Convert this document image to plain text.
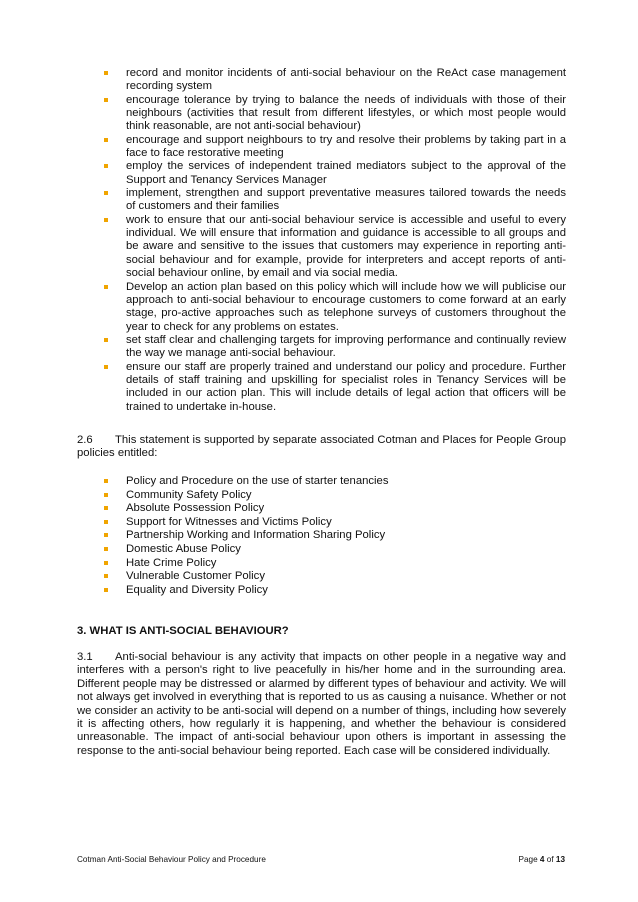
record and monitor incidents of anti-social behaviour on the ReAct case management recording system
encourage tolerance by trying to balance the needs of individuals with those of their neighbours (activities that result from different lifestyles, or which most people would think reasonable, are not anti-social behaviour)
encourage and support neighbours to try and resolve their problems by taking part in a face to face restorative meeting
employ the services of independent trained mediators subject to the approval of the Support and Tenancy Services Manager
implement, strengthen and support preventative measures tailored towards the needs of customers and their families
work to ensure that our anti-social behaviour service is accessible and useful to every individual. We will ensure that information and guidance is accessible to all groups and be aware and sensitive to the issues that customers may experience in reporting anti-social behaviour and for example, provide for interpreters and accept reports of anti-social behaviour online, by email and via social media.
Develop an action plan based on this policy which will include how we will publicise our approach to anti-social behaviour to encourage customers to come forward at an early stage, pro-active approaches such as telephone surveys of customers throughout the year to check for any problems on estates.
set staff clear and challenging targets for improving performance and continually review the way we manage anti-social behaviour.
ensure our staff are properly trained and understand our policy and procedure. Further details of staff training and upskilling for specialist roles in Tenancy Services will be included in our action plan. This will include details of legal action that officers will be trained to undertake in-house.

2.6 This statement is supported by separate associated Cotman and Places for People Group policies entitled:

Policy and Procedure on the use of starter tenancies
Community Safety Policy
Absolute Possession Policy
Support for Witnesses and Victims Policy
Partnership Working and Information Sharing Policy
Domestic Abuse Policy
Hate Crime Policy
Vulnerable Customer Policy
Equality and Diversity Policy
3. WHAT IS ANTI-SOCIAL BEHAVIOUR?

3.1 Anti-social behaviour is any activity that impacts on other people in a negative way and interferes with a person's right to live peacefully in his/her home and in the surrounding area. Different people may be distressed or alarmed by different types of behaviour and activity. We will not always get involved in everything that is reported to us as causing a nuisance. Whether or not we consider an activity to be anti-social will depend on a number of things, including how severely it is affecting others, how regularly it is happening, and whether the behaviour is considered unreasonable. The impact of anti-social behaviour upon others is important in assessing the response to the anti-social behaviour being reported. Each case will be considered individually.

Cotman Anti-Social Behaviour Policy and Procedure	Page 4 of 13
